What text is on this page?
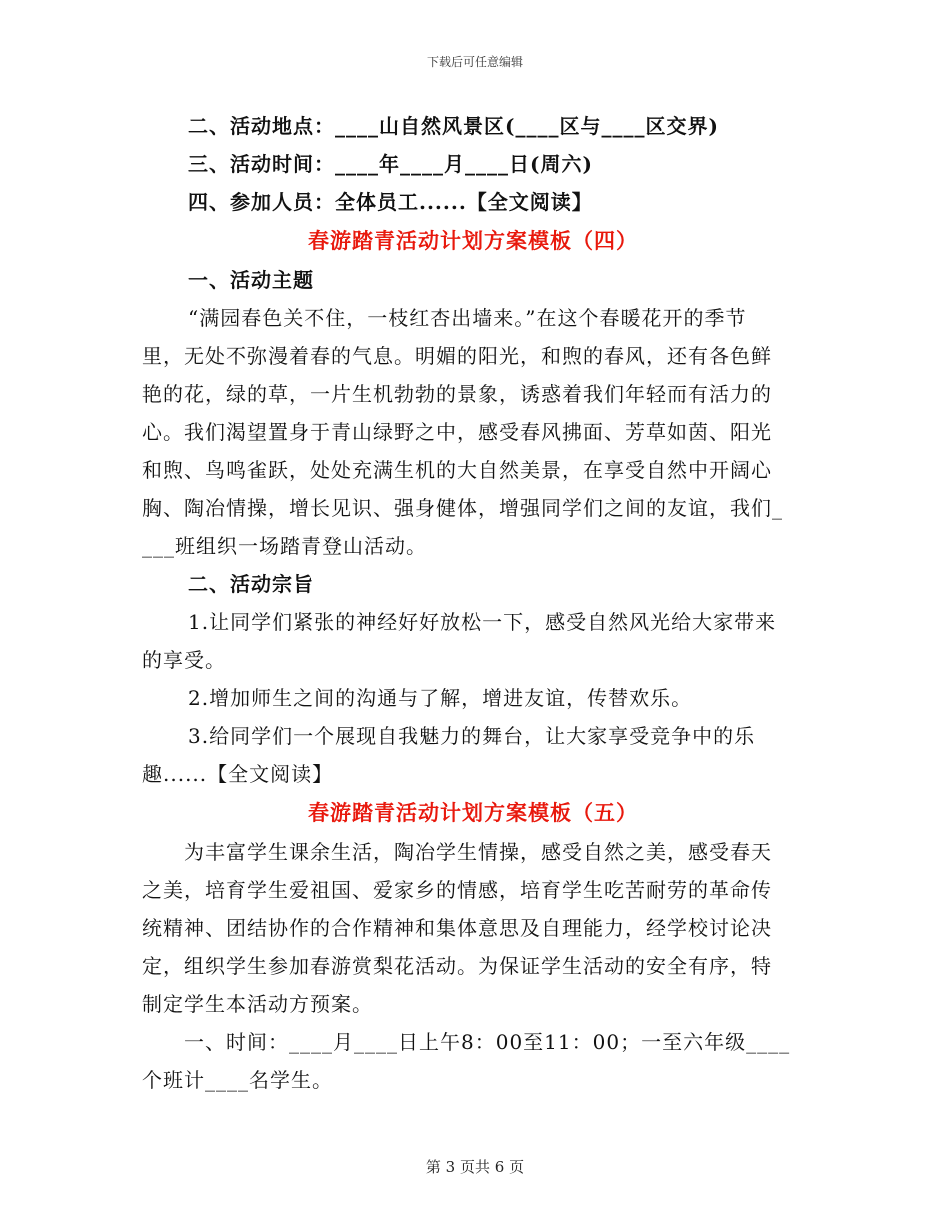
下载后可任意编辑
二、活动地点：____山自然风景区(____区与____区交界)
三、活动时间：____年____月____日(周六)
四、参加人员：全体员工......【全文阅读】
春游踏青活动计划方案模板（四）
一、活动主题
“满园春色关不住，一枝红杏出墙来。”在这个春暖花开的季节
里，无处不弥漫着春的气息。明媚的阳光，和煦的春风，还有各色鲜
艳的花，绿的草，一片生机勃勃的景象，诱惑着我们年轻而有活力的
心。我们渴望置身于青山绿野之中，感受春风拂面、芳草如茵、阳光
和煦、鸟鸣雀跃，处处充满生机的大自然美景，在享受自然中开阔心
胸、陶冶情操，增长见识、强身健体，增强同学们之间的友谊，我们_
___班组织一场踏青登山活动。
二、活动宗旨
1.让同学们紧张的神经好好放松一下，感受自然风光给大家带来
的享受。
2.增加师生之间的沟通与了解，增进友谊，传替欢乐。
3.给同学们一个展现自我魅力的舞台，让大家享受竞争中的乐
趣......【全文阅读】
春游踏青活动计划方案模板（五）
为丰富学生课余生活，陶冶学生情操，感受自然之美，感受春天
之美，培育学生爱祖国、爱家乡的情感，培育学生吃苦耐劳的革命传
统精神、团结协作的合作精神和集体意思及自理能力，经学校讨论决
定，组织学生参加春游赏梨花活动。为保证学生活动的安全有序，特
制定学生本活动方预案。
一、时间：____月____日上午8：00至11：00；一至六年级____
个班计____名学生。
第 3 页共 6 页
